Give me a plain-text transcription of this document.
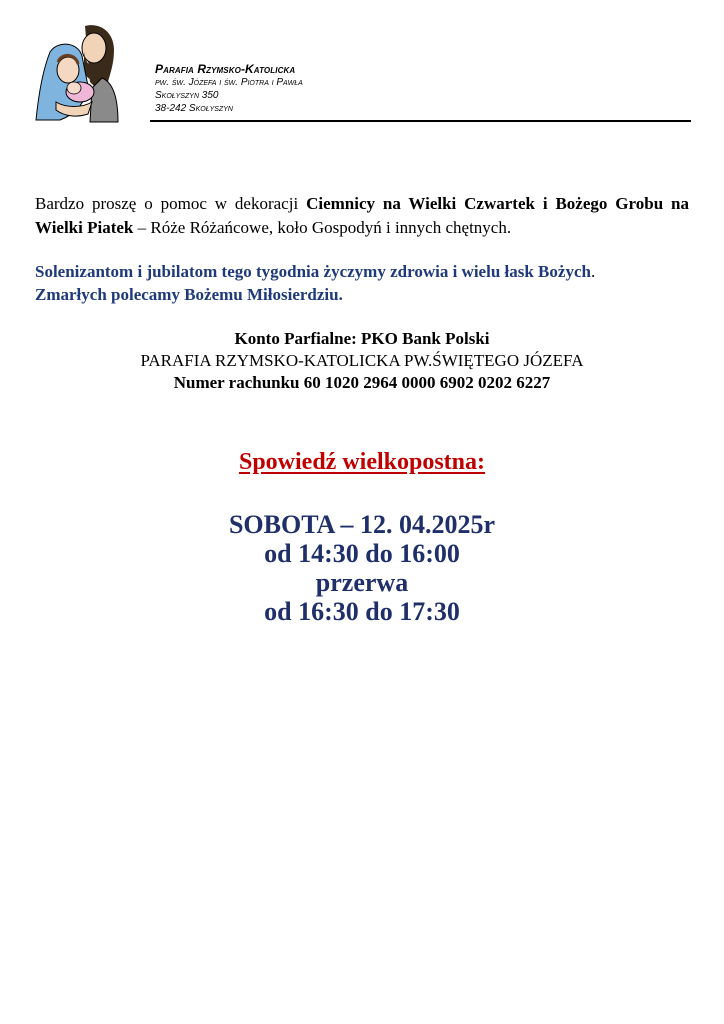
Parafia Rzymsko-Katolicka
pw. św. Józefa i św. Piotra i Pawła
Skołyszyn 350
38-242 Skołyszyn
Bardzo proszę o pomoc w dekoracji Ciemnicy na Wielki Czwartek i Bożego Grobu na Wielki Piatek – Róże Różańcowe, koło Gospodyń i innych chętnych.
Solenizantom i jubilatom tego tygodnia życzymy zdrowia i wielu łask Bożych.
Zmarłych polecamy Bożemu Miłosierdziu.
Konto Parfialne: PKO Bank Polski
PARAFIA RZYMSKO-KATOLICKA PW.ŚWIĘTEGO JÓZEFA
Numer rachunku 60 1020 2964 0000 6902 0202 6227
Spowiedź wielkopostna:
SOBOTA – 12. 04.2025r
od 14:30 do 16:00
przerwa
od 16:30 do 17:30
